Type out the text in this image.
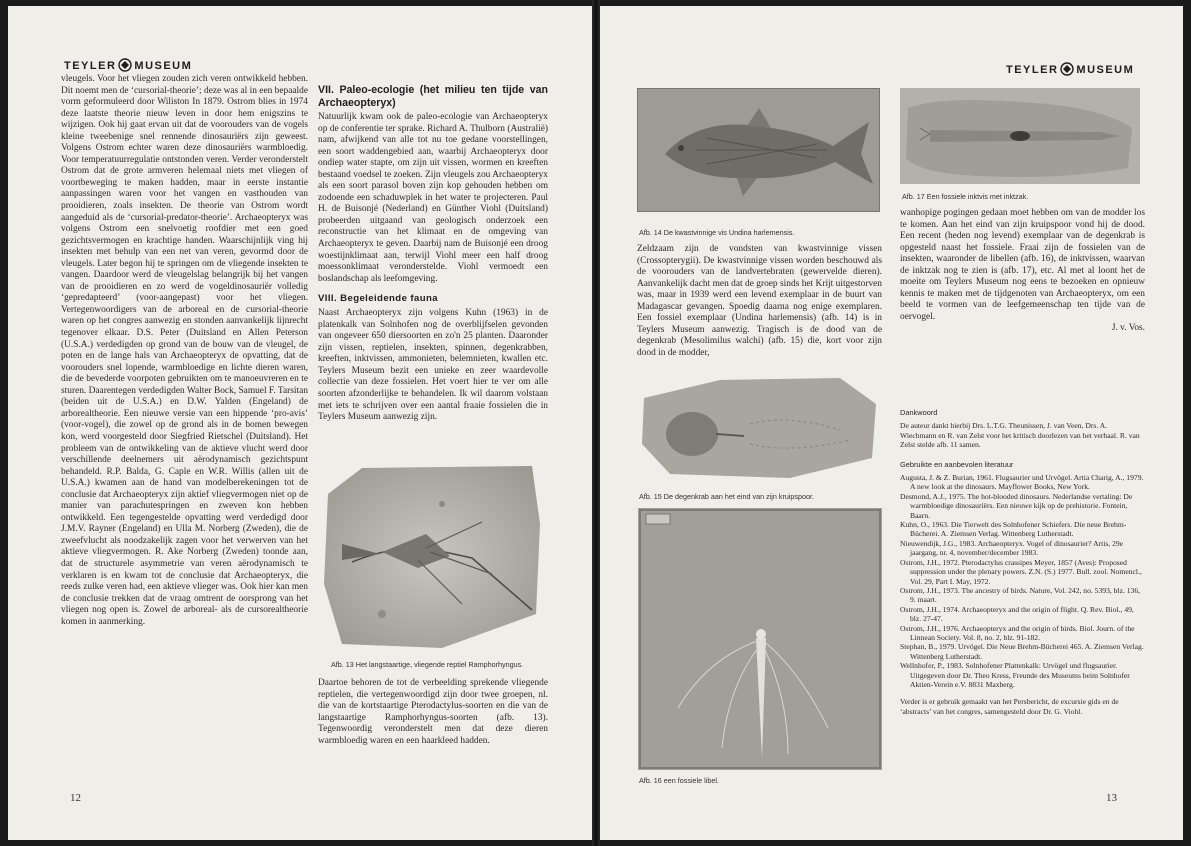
TEYLER MUSEUM

vleugels. Voor het vliegen zouden zich veren ontwikkeld hebben. Dit noemt men de ‘cursorial-theorie’; deze was al in een bepaalde vorm geformuleerd door Wiliston In 1879. Ostrom blies in 1974 deze laatste theorie nieuw leven in door hem enigszins te wijzigen. Ook hij gaat ervan uit dat de voorouders van de vogels kleine tweebenige snel rennende dinosauriërs zijn geweest. Volgens Ostrom echter waren deze dinosauriërs warmbloedig. Voor temperatuurregulatie ontstonden veren. Verder veronderstelt Ostrom dat de grote armveren helemaal niets met vliegen of voortbeweging te maken hadden, maar in eerste instantie aanpassingen waren voor het vangen en vasthouden van prooidieren, zoals insekten. De theorie van Ostrom wordt aangeduid als de ‘cursorial-predator-theorie’. Archaeopteryx was volgens Ostrom een snelvoetig roofdier met een goed gezichtsvermogen en krachtige handen. Waarschijnlijk ving hij insekten met behulp van een net van veren, gevormd door de vleugels. Later begon hij te springen om de vliegende insekten te vangen. Daardoor werd de vleugelslag belangrijk bij het vangen van de prooidieren en zo werd de vogeldinosauriër volledig ‘gepredapteerd’ (voor-aangepast) voor het vliegen. Vertegenwoordigers van de arboreal en de cursorial-theorie waren op het congres aanwezig en stonden aanvankelijk lijnrecht tegenover elkaar. D.S. Peter (Duitsland en Allen Peterson (U.S.A.) verdedigden op grond van de bouw van de vleugel, de poten en de lange hals van Archaeopteryx de opvatting, dat de voorouders snel lopende, warmbloedige en lichte dieren waren, die de bevederde voorpoten gebruikten om te manoeuvreren en te sturen. Daarentegen verdedigden Walter Bock, Samuel F. Tarsitan (beiden uit de U.S.A.) en D.W. Yalden (Engeland) de arborealtheorie. Een nieuwe versie van een hippende ‘pro-avis’ (voor-vogel), die zowel op de grond als in de bomen bewegen kon, werd voorgesteld door Siegfried Rietschel (Duitsland). Het probleem van de ontwikkeling van de aktieve vlucht werd door verschillende deelnemers uit aërodynamisch gezichtspunt behandeld. R.P. Balda, G. Caple en W.R. Willis (allen uit de U.S.A.) kwamen aan de hand van modelberekeningen tot de conclusie dat Archaeopteryx zijn aktief vliegvermogen niet op de manier van parachutespringen en zweven kon hebben ontwikkeld. Een tegengestelde opvatting werd verdedigd door J.M.V. Rayner (Engeland) en Ulla M. Norberg (Zweden), die de zweefvlucht als noodzakelijk zagen voor het verwerven van het aktieve vliegvermogen. R. Ake Norberg (Zweden) toonde aan, dat de structurele asymmetrie van veren aërodynamisch te verklaren is en kwam tot de conclusie dat Archaeopteryx, die reeds zulke veren had, een aktieve vlieger was. Ook hier kan men de conclusie trekken dat de vraag omtrent de oorsprong van het vliegen nog open is. Zowel de arboreal- als de cursorealtheorie komen in aanmerking.

VII. Paleo-ecologie (het milieu ten tijde van Archaeopteryx)

Natuurlijk kwam ook de paleo-ecologie van Archaeopteryx op de conferentie ter sprake. Richard A. Thulborn (Australië) nam, afwijkend van alle tot nu toe gedane voorstellingen, een soort waddengebied aan, waarbij Archaeopteryx door ondiep water stapte, om zijn uit vissen, wormen en kreeften bestaand voedsel te zoeken. Zijn vleugels zou Archaeopteryx als een soort parasol boven zijn kop gehouden hebben om zodoende een schaduwplek in het water te projecteren. Paul H. de Buisonjé (Nederland) en Günther Viohl (Duitsland) probeerden uitgaand van geologisch onderzoek een reconstructie van het klimaat en de omgeving van Archaeopteryx te geven. Daarbij nam de Buisonjé een droog woestijnklimaat aan, terwijl Viohl meer een half droog moessonklimaat veronderstelde. Viohl vermoedt een boslandschap als leefomgeving.

VIII. Begeleidende fauna

Naast Archaeopteryx zijn volgens Kuhn (1963) in de platenkalk van Solnhofen nog de overblijfselen gevonden van ongeveer 650 diersoorten en zo'n 25 planten. Daaronder zijn vissen, reptielen, insekten, spinnen, degenkrabben, kreeften, inktvissen, ammonieten, belemnieten, kwallen etc. Teylers Museum bezit een unieke en zeer waardevolle collectie van deze fossielen. Het voert hier te ver om alle soorten afzonderlijke te behandelen. Ik wil daarom volstaan met iets te schrijven over een aantal fraaie fossielen die in Teylers Museum aanwezig zijn.

Afb. 13 Het langstaartige, vliegende reptiel Ramphorhyngus.

Daartoe behoren de tot de verbeelding sprekende vliegende reptielen, die vertegenwoordigd zijn door twee groepen, nl. die van de kortstaartige Pterodactylus-soorten en die van de langstaartige Ramphorhyngus-soorten (afb. 13). Tegenwoordig veronderstelt men dat deze dieren warmbloedig waren en een haarkleed hadden.

12
TEYLER MUSEUM
Afb. 14 De kwastvinnige vis Undina harlemensis.

Zeldzaam zijn de vondsten van kwastvinnige vissen (Crossopterygii). De kwastvinnige vissen worden beschouwd als de voorouders van de landvertebraten (gewervelde dieren). Aanvankelijk dacht men dat de groep sinds het Krijt uitgestorven was, maar in 1939 werd een levend exemplaar in de buurt van Madagascar gevangen. Spoedig daarna nog enige exemplaren. Een fossiel exemplaar (Undina harlemensis) (afb. 14) is in Teylers Museum aanwezig. Tragisch is de dood van de degenkrab (Mesolimilus walchi) (afb. 15) die, kort voor zijn dood in de modder,

Afb. 15 De degenkrab aan het eind van zijn kruipspoor.
Afb. 16 een fossiele libel.
Afb. 17 Een fossiele inktvis met inktzak.

wanhopige pogingen gedaan moet hebben om van de modder los te komen. Aan het eind van zijn kruipspoor vond hij de dood. Een recent (heden nog levend) exemplaar van de degenkrab is opgesteld naast het fossiele. Fraai zijn de fossielen van de insekten, waaronder de libellen (afb. 16), de inktvissen, waarvan de inktzak nog te zien is (afb. 17), etc. Al met al loont het de moeite om Teylers Museum nog eens te bezoeken en opnieuw kennis te maken met de tijdgenoten van Archaeopteryx, om een beeld te vormen van de leefgemeenschap ten tijde van de oervogel.

J. v. Vos.

Dankwoord

De auteur dankt hierbij Drs. L.T.G. Theunissen, J. van Veen, Drs. A. Wiechmann en R. van Zelst voor het kritisch doorlezen van het verhaal. R. van Zelst stelde afb. 11 samen.

Gebruikte en aanbevolen literatuur

Augusta, J. & Z. Burian, 1961. Flugsaurier und Urvögel. Artia Charig, A., 1979. A new look at the dinosaurs. Mayflower Books, New York.

Desmond, A.J., 1975. The hot-blooded dinosaurs. Nederlandse vertaling: De warmbloedige dinosauriërs. Een nieuwe kijk op de prehistorie. Fontein, Baarn.

Kuhn, O., 1963. Die Tierwelt des Solnhofener Schiefers. Die neue Brehm-Bücherei. A. Ziemsen Verlag. Wittenberg Lutherstadt.

Nieuwendijk, J.G., 1983. Archaeopteryx. Vogel of dinosaurier? Artis, 29e jaargang, nr. 4, november/december 1983.

Ostrom, J.H., 1972. Pterodactylus crassipes Meyer, 1857 (Aves): Proposed suppression under the plenary powers. Z.N. (S.) 1977. Bull. zool. Nomencl., Vol. 29, Part I. May, 1972.

Ostrom, J.H., 1973. The ancestry of birds. Nature, Vol. 242, no. 5393, blz. 136, 9. maart.

Ostrom, J.H., 1974. Archaeopteryx and the origin of flight. Q. Rev. Biol., 49, blz. 27-47.

Ostrom, J.H., 1976. Archaeopteryx and the origin of birds. Biol. Journ. of the Linnean Society. Vol. 8, no. 2, blz. 91-182.

Stephan, B., 1979. Urvögel. Die Neue Brehm-Bücherei 465. A. Ziemsen Verlag. Wittenberg Lutherstadt.

Wellnhofer, P., 1983. Solnhofener Plattenkalk: Urvögel und flugsaurier. Uitgegeven door Dr. Theo Kress, Freunde des Museums beim Solnhofer Aktien-Verein e.V. 8831 Maxberg.

Verder is er gebruik gemaakt van het Persbericht, de excursie gids en de ‘abstracts’ van het congres, samengesteld door Dr. G. Viohl.

13
